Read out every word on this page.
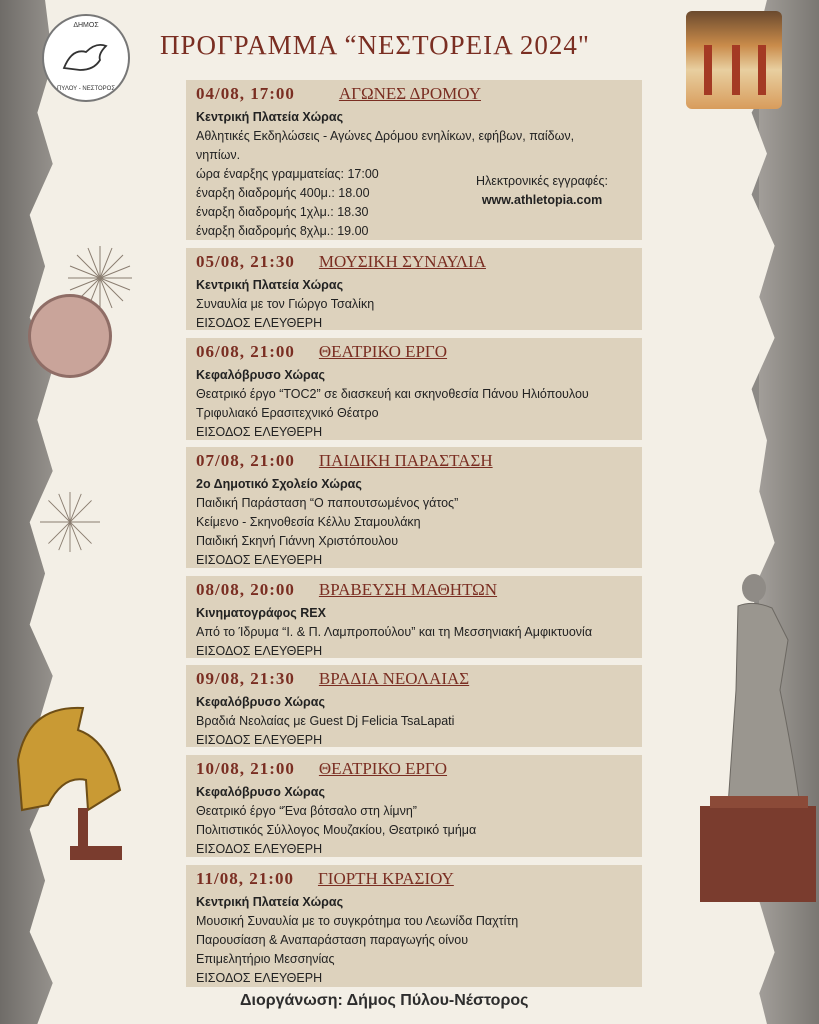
ΔΗΜΟΣ
ΠΥΛΟΥ - ΝΕΣΤΟΡΟΣ
ΠΡΟΓΡΑΜΜΑ “ΝΕΣΤΟΡΕΙΑ 2024"
04/08, 17:00	ΑΓΩΝΕΣ ΔΡΟΜΟΥ
Κεντρική Πλατεία Χώρας
Αθλητικές Εκδηλώσεις - Αγώνες Δρόμου ενηλίκων, εφήβων, παίδων,
νηπίων.
ώρα έναρξης γραμματείας: 17:00
έναρξη διαδρομής 400μ.: 18.00
έναρξη διαδρομής 1χλμ.: 18.30
έναρξη διαδρομής 8χλμ.: 19.00
Ηλεκτρονικές εγγραφές:
www.athletopia.com
05/08, 21:30 ΜΟΥΣΙΚΗ ΣΥΝΑΥΛΙΑ
Κεντρική Πλατεία Χώρας
Συναυλία με τον Γιώργο Τσαλίκη
ΕΙΣΟΔΟΣ ΕΛΕΥΘΕΡΗ
06/08, 21:00 ΘΕΑΤΡΙΚΟ ΕΡΓΟ
Κεφαλόβρυσο Χώρας
Θεατρικό έργο “ΤΟC2” σε διασκευή και σκηνοθεσία Πάνου Ηλιόπουλου
Τριφυλιακό Ερασιτεχνικό Θέατρο
ΕΙΣΟΔΟΣ ΕΛΕΥΘΕΡΗ
07/08, 21:00 ΠΑΙΔΙΚΗ ΠΑΡΑΣΤΑΣΗ
2ο Δημοτικό Σχολείο Χώρας
Παιδική Παράσταση “Ο παπουτσωμένος γάτος”
Κείμενο - Σκηνοθεσία Κέλλυ Σταμουλάκη
Παιδική Σκηνή Γιάννη Χριστόπουλου
ΕΙΣΟΔΟΣ ΕΛΕΥΘΕΡΗ
08/08, 20:00 ΒΡΑΒΕΥΣΗ ΜΑΘΗΤΩΝ
Κινηματογράφος REX
Από το Ίδρυμα “Ι. & Π. Λαμπροπούλου” και τη Μεσσηνιακή Αμφικτυονία
ΕΙΣΟΔΟΣ ΕΛΕΥΘΕΡΗ
09/08, 21:30 ΒΡΑΔΙΑ ΝΕΟΛΑΙΑΣ
Κεφαλόβρυσο Χώρας
Βραδιά Νεολαίας με Guest Dj Felicia TsaLapati
ΕΙΣΟΔΟΣ ΕΛΕΥΘΕΡΗ
10/08, 21:00 ΘΕΑΤΡΙΚΟ ΕΡΓΟ
Κεφαλόβρυσο Χώρας
Θεατρικό έργο “Ένα βότσαλο στη λίμνη”
Πολιτιστικός Σύλλογος Μουζακίου, Θεατρικό τμήμα
ΕΙΣΟΔΟΣ ΕΛΕΥΘΕΡΗ
11/08, 21:00 ΓΙΟΡΤΗ ΚΡΑΣΙΟΥ
Κεντρική Πλατεία Χώρας
Μουσική Συναυλία με το συγκρότημα του Λεωνίδα Παχτίτη
Παρουσίαση & Αναπαράσταση παραγωγής οίνου
Επιμελητήριο Μεσσηνίας
ΕΙΣΟΔΟΣ ΕΛΕΥΘΕΡΗ
Διοργάνωση: Δήμος Πύλου-Νέστορος
